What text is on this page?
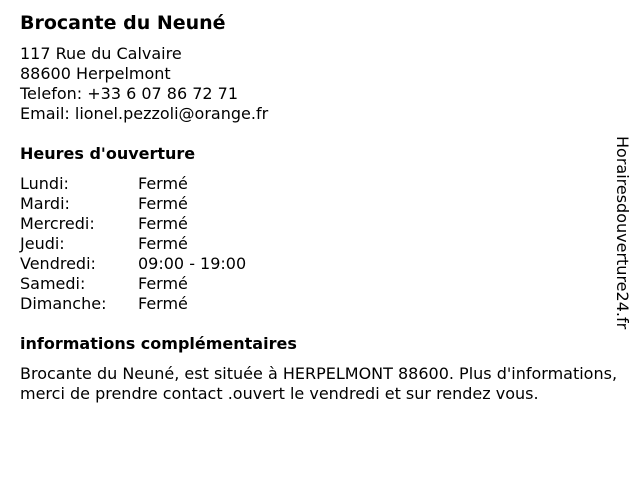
Brocante du Neuné
117 Rue du Calvaire
88600 Herpelmont
Telefon: +33 6 07 86 72 71
Email: lionel.pezzoli@orange.fr
Heures d'ouverture
Lundi:	Fermé
Mardi:	Fermé
Mercredi:	Fermé
Jeudi:	Fermé
Vendredi:	09:00 - 19:00
Samedi:	Fermé
Dimanche:	Fermé
informations complémentaires
Brocante du Neuné, est située à HERPELMONT 88600. Plus d'informations, merci de prendre contact .ouvert le vendredi et sur rendez vous.
Horairesdouverture24.fr
